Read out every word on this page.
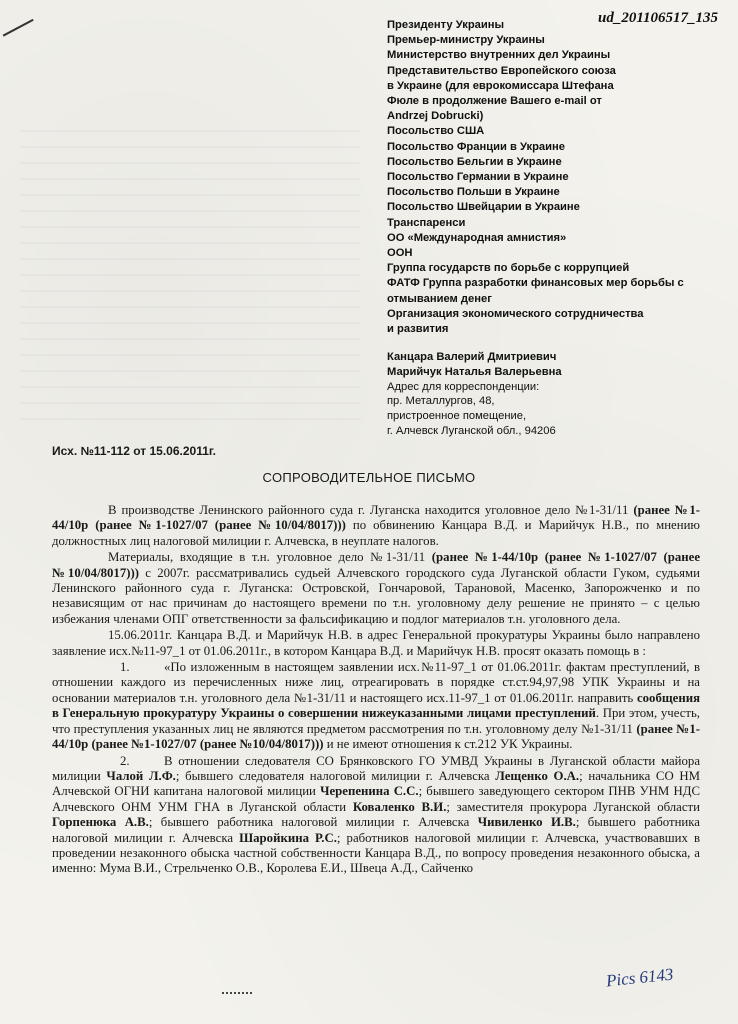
ud_201106517_135
Президенту Украины
Премьер-министру Украины
Министерство внутренних дел Украины
Представительство Европейского союза
в Украине (для еврокомиссара Штефана
Фюле в продолжение Вашего e-mail от
Andrzej Dobrucki)
Посольство США
Посольство Франции в Украине
Посольство Бельгии в Украине
Посольство Германии в Украине
Посольство Польши в Украине
Посольство Швейцарии в Украине
Транспаренси
ОО «Международная амнистия»
ООН
Группа государств по борьбе с коррупцией
ФАТФ Группа разработки финансовых мер борьбы с
отмыванием денег
Организация экономического сотрудничества
и развития
Канцара Валерий Дмитриевич
Марийчук Наталья Валерьевна
Адрес для корреспонденции:
пр. Металлургов, 48,
пристроенное помещение,
г. Алчевск Луганской обл., 94206
Исх. №11-112 от 15.06.2011г.
СОПРОВОДИТЕЛЬНОЕ ПИСЬМО

В производстве Ленинского районного суда г. Луганска находится уголовное дело №1-31/11 (ранее №1-44/10р (ранее №1-1027/07 (ранее №10/04/8017))) по обвинению Канцара В.Д. и Марийчук Н.В., по мнению должностных лиц налоговой милиции г. Алчевска, в неуплате налогов.

Материалы, входящие в т.н. уголовное дело №1-31/11 (ранее №1-44/10р (ранее №1-1027/07 (ранее №10/04/8017))) с 2007г. рассматривались судьей Алчевского городского суда Луганской области Гуком, судьями Ленинского районного суда г. Луганска: Островской, Гончаровой, Тарановой, Масенко, Запорожченко и по независящим от нас причинам до настоящего времени по т.н. уголовному делу решение не принято – с целью избежания членами ОПГ ответственности за фальсификацию и подлог материалов т.н. уголовного дела.

15.06.2011г. Канцара В.Д. и Марийчук Н.В. в адрес Генеральной прокуратуры Украины было направлено заявление исх.№11-97_1 от 01.06.2011г., в котором Канцара В.Д. и Марийчук Н.В. просят оказать помощь в :

1.	«По изложенным в настоящем заявлении исх.№11-97_1 от 01.06.2011г. фактам преступлений, в отношении каждого из перечисленных ниже лиц, отреагировать в порядке ст.ст.94,97,98 УПК Украины и на основании материалов т.н. уголовного дела №1-31/11 и настоящего исх.11-97_1 от 01.06.2011г. направить сообщения в Генеральную прокуратуру Украины о совершении нижеуказанными лицами преступлений. При этом, учесть, что преступления указанных лиц не являются предметом рассмотрения по т.н. уголовному делу №1-31/11 (ранее №1-44/10р (ранее №1-1027/07 (ранее №10/04/8017))) и не имеют отношения к ст.212 УК Украины.

2.	В отношении следователя СО Брянковского ГО УМВД Украины в Луганской области майора милиции Чалой Л.Ф.; бывшего следователя налоговой милиции г. Алчевска Лещенко О.А.; начальника СО НМ Алчевской ОГНИ капитана налоговой милиции Черепенина С.С.; бывшего заведующего сектором ПНВ УНМ НДС Алчевского ОНМ УНМ ГНА в Луганской области Коваленко В.И.; заместителя прокурора Луганской области Горпенюка А.В.; бывшего работника налоговой милиции г. Алчевска Чивиленко И.В.; бывшего работника налоговой милиции г. Алчевска Шаройкина Р.С.; работников налоговой милиции г. Алчевска, участвовавших в проведении незаконного обыска частной собственности Канцара В.Д., по вопросу проведения незаконного обыска, а именно: Мума В.И., Стрельченко О.В., Королева Е.И., Швеца А.Д., Сайченко

Pics 6143
